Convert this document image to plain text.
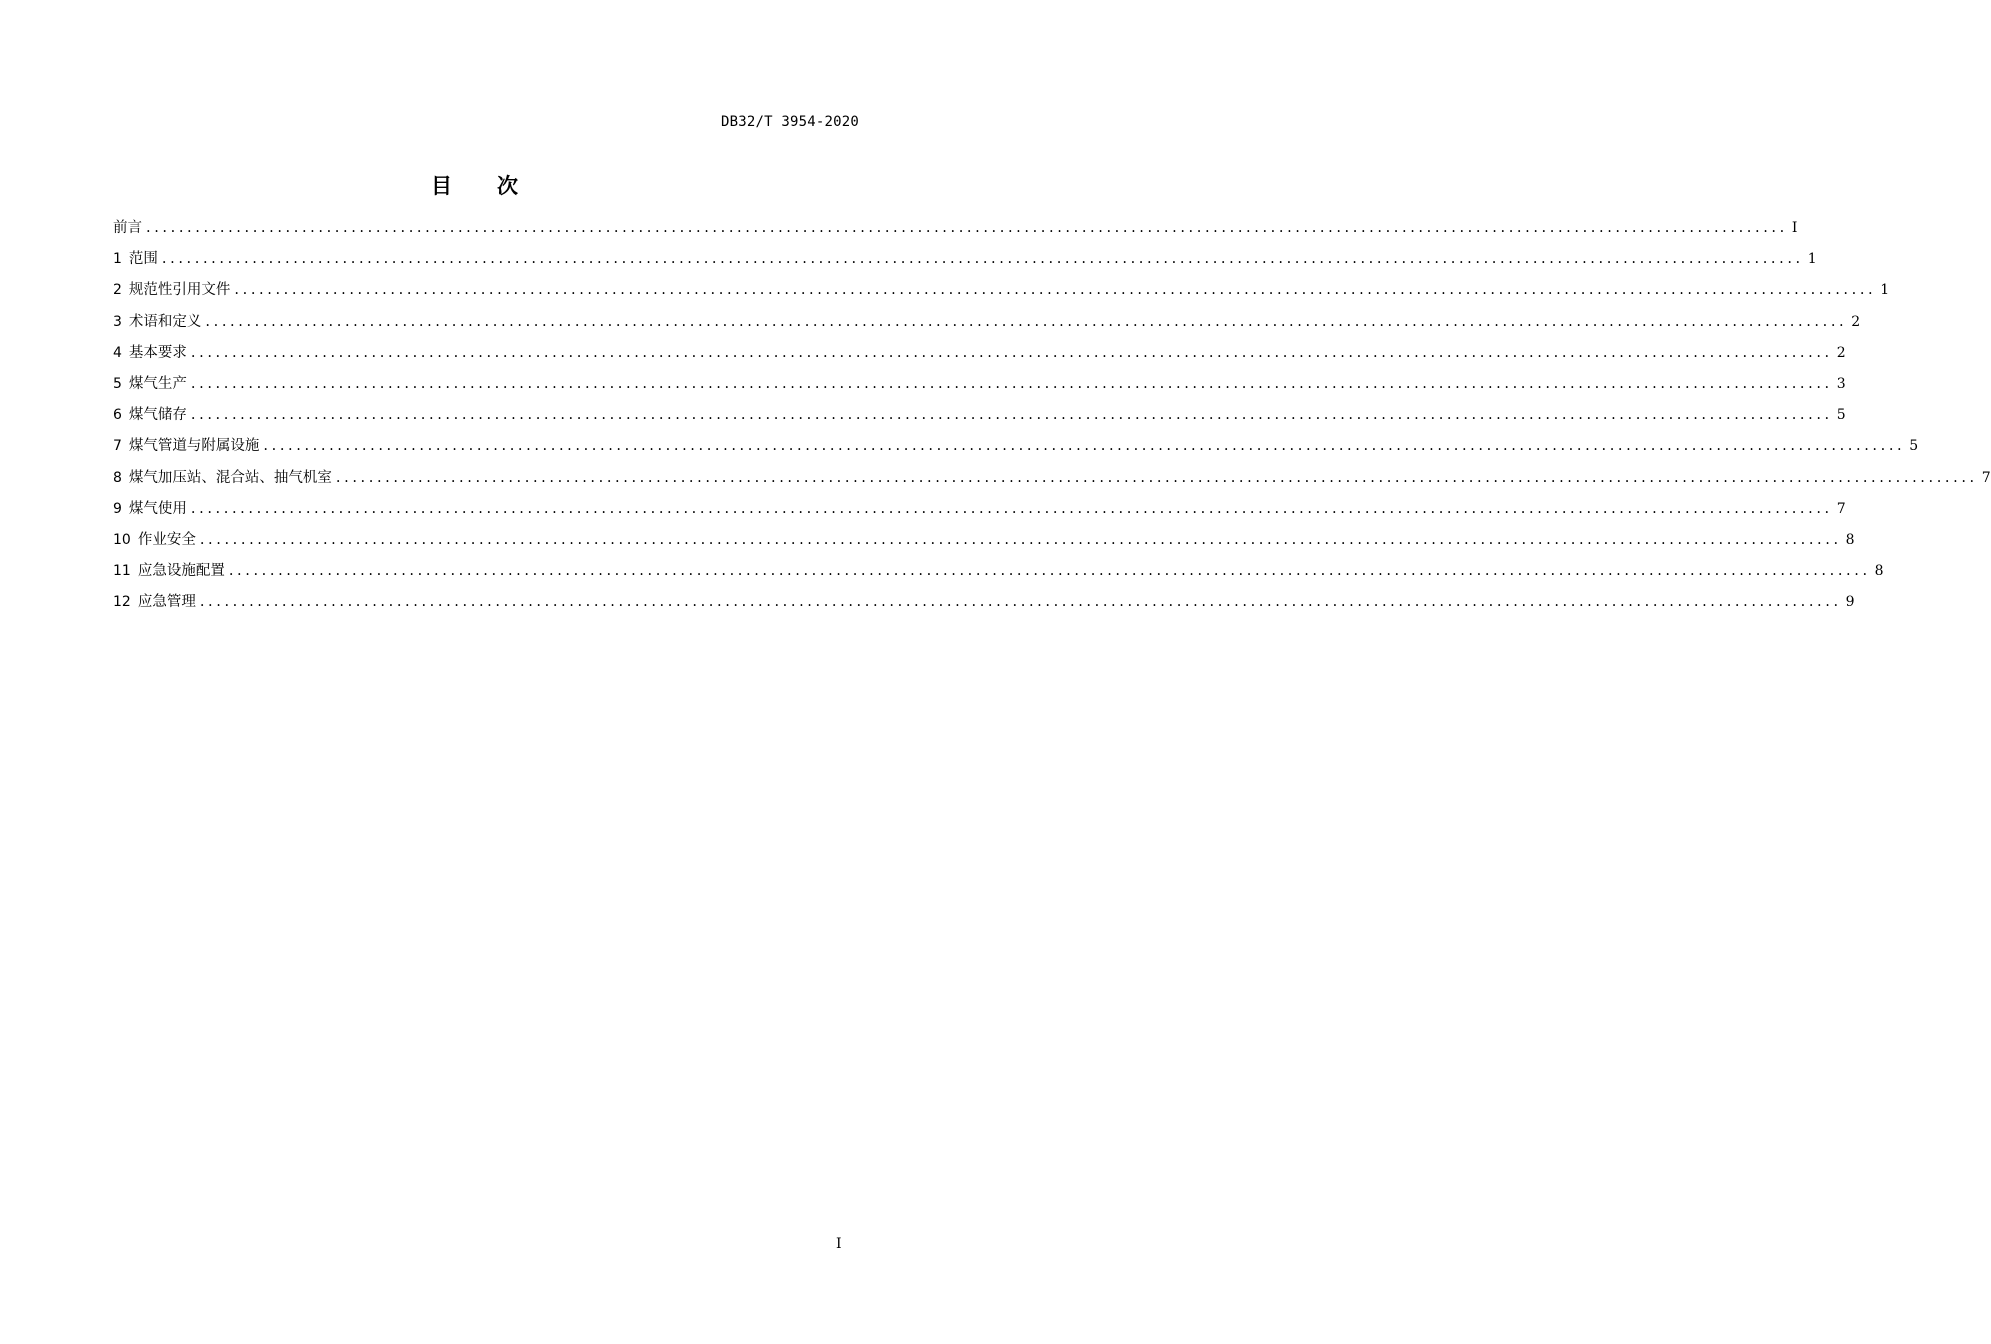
DB32/T 3954-2020
目 次
前言 ........................................................................................................................................................................................................ I
1 范围 ........................................................................................................................................................................................................ 1
2 规范性引用文件 ........................................................................................................................................................................................................ 1
3 术语和定义 ........................................................................................................................................................................................................ 2
4 基本要求 ........................................................................................................................................................................................................ 2
5 煤气生产 ........................................................................................................................................................................................................ 3
6 煤气储存 ........................................................................................................................................................................................................ 5
7 煤气管道与附属设施 ........................................................................................................................................................................................................ 5
8 煤气加压站、混合站、抽气机室 ........................................................................................................................................................................................................ 7
9 煤气使用 ........................................................................................................................................................................................................ 7
10 作业安全 ........................................................................................................................................................................................................ 8
11 应急设施配置 ........................................................................................................................................................................................................ 8
12 应急管理 ........................................................................................................................................................................................................ 9
I
